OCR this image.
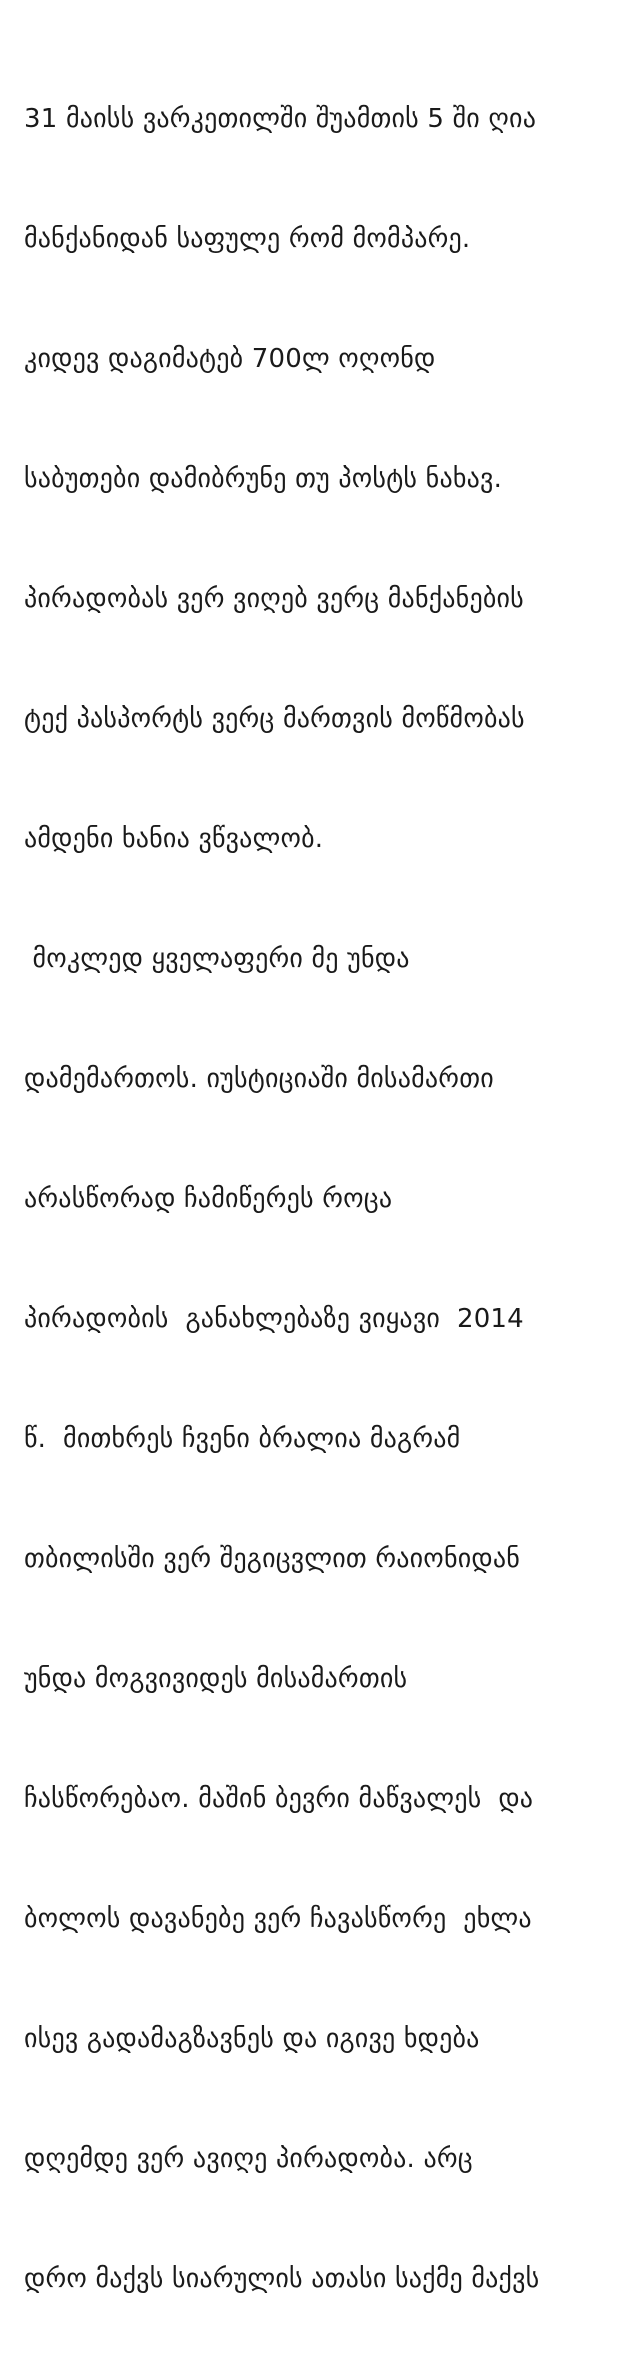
31 მაისს ვარკეთილში შუამთის 5 ში ღია

მანქანიდან საფულე რომ მომპარე.

კიდევ დაგიმატებ 700ლ ოღონდ

საბუთები დამიბრუნე თუ პოსტს ნახავ.

პირადობას ვერ ვიღებ ვერც მანქანების

ტექ პასპორტს ვერც მართვის მოწმობას

ამდენი ხანია ვწვალობ.

მოკლედ ყველაფერი მე უნდა

დამემართოს. იუსტიციაში მისამართი

არასწორად ჩამიწერეს როცა

პირადობის  განახლებაზე ვიყავი  2014

წ.  მითხრეს ჩვენი ბრალია მაგრამ

თბილისში ვერ შეგიცვლით რაიონიდან

უნდა მოგვივიდეს მისამართის

ჩასწორებაო. მაშინ ბევრი მაწვალეს  და

ბოლოს დავანებე ვერ ჩავასწორე  ეხლა

ისევ გადამაგზავნეს და იგივე ხდება

დღემდე ვერ ავიღე პირადობა. არც

დრო მაქვს სიარულის ათასი საქმე მაქვს
